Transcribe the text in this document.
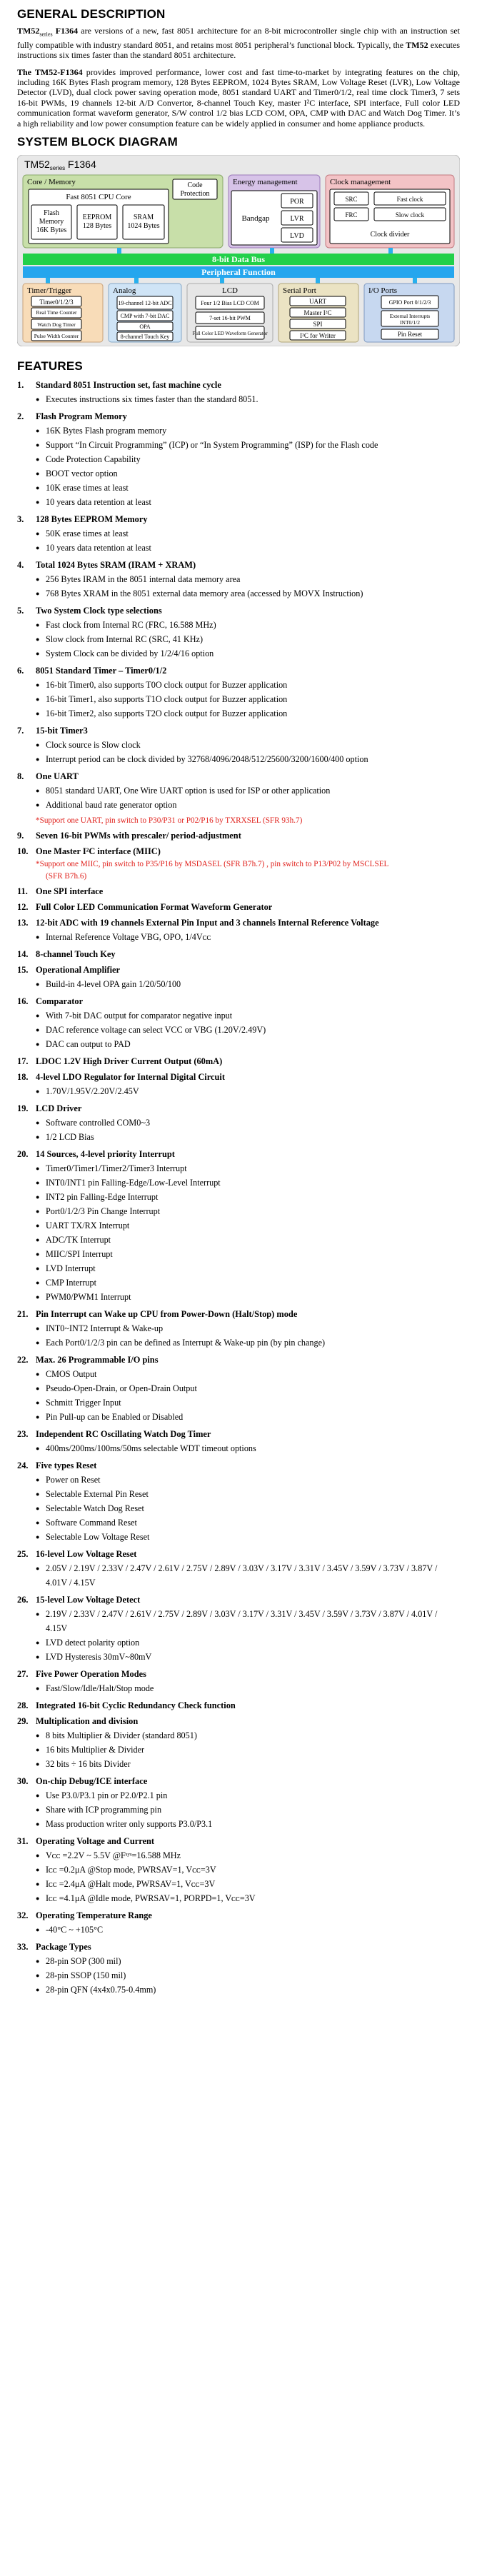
GENERAL DESCRIPTION

$TM52_{series}$ F1364 are versions of a new, fast 8051 architecture for an 8-bit microcontroller single chip with an instruction set fully compatible with industry standard 8051, and retains most 8051 peripheral’s functional block. Typically, the TM52 executes instructions six times faster than the standard 8051 architecture.

The TM52-F1364 provides improved performance, lower cost and fast time-to-market by integrating features on the chip, including 16K Bytes Flash program memory, 128 Bytes EEPROM, 1024 Bytes SRAM, Low Voltage Reset (LVR), Low Voltage Detector (LVD), dual clock power saving operation mode, 8051 standard UART and Timer0/1/2, real time clock Timer3, 7 sets 16-bit PWMs, 19 channels 12-bit A/D Convertor, 8-channel Touch Key, master I²C interface, SPI interface, Full color LED communication format waveform generator, S/W control 1/2 bias LCD COM, OPA, CMP with DAC and Watch Dog Timer. It’s a high reliability and low power consumption feature can be widely applied in consumer and home appliance products.

SYSTEM BLOCK DIAGRAM
$TM52_{series}$ F1364
Core / Memory	Code
Protection
Fast 8051 CPU Core
Flash
Memory
16K Bytes
EEPROM
128 Bytes
SRAM
1024 Bytes
Energy management
Bandgap
POR
LVR
LVD
Clock management
SRC	Fast clock
FRC	Slow clock
Clock divider
8-bit Data Bus
Peripheral Function
Timer/Trigger
Timer0/1/2/3
Real Time Counter
Watch Dog Timer
Pulse Width Counter
Analog
19-channel 12-bit ADC
CMP with 7-bit DAC
OPA
8-channel Touch Key
LCD
Four 1/2 Bias LCD COM
7-set 16-bit PWM
Full Color LED Waveform Generator
Serial Port
UART
Master I²C
SPI
I²C for Writer
I/O Ports
GPIO Port 0/1/2/3
External Interrupts
INT0/1/2
Pin Reset
FEATURES
1. Standard 8051 Instruction set, fast machine cycle
● Executes instructions six times faster than the standard 8051.
2. Flash Program Memory
● 16K Bytes Flash program memory
● Support “In Circuit Programming” (ICP) or “In System Programming” (ISP) for the Flash code
● Code Protection Capability
● BOOT vector option
● 10K erase times at least
● 10 years data retention at least
3. 128 Bytes EEPROM Memory
● 50K erase times at least
● 10 years data retention at least
4. Total 1024 Bytes SRAM (IRAM + XRAM)
● 256 Bytes IRAM in the 8051 internal data memory area
● 768 Bytes XRAM in the 8051 external data memory area (accessed by MOVX Instruction)
5. Two System Clock type selections
● Fast clock from Internal RC (FRC, 16.588 MHz)
● Slow clock from Internal RC (SRC, 41 KHz)
● System Clock can be divided by 1/2/4/16 option
6. 8051 Standard Timer – Timer0/1/2
● 16-bit Timer0, also supports T0O clock output for Buzzer application
● 16-bit Timer1, also supports T1O clock output for Buzzer application
● 16-bit Timer2, also supports T2O clock output for Buzzer application
7. 15-bit Timer3
● Clock source is Slow clock
● Interrupt period can be clock divided by 32768/4096/2048/512/25600/3200/1600/400 option
8. One UART
● 8051 standard UART, One Wire UART option is used for ISP or other application
● Additional baud rate generator option
*Support one UART, pin switch to P30/P31 or P02/P16 by TXRXSEL (SFR 93h.7)
9. Seven 16-bit PWMs with prescaler/ period-adjustment
10. One Master I²C interface (MIIC)
*Support one MIIC, pin switch to P35/P16 by MSDASEL (SFR B7h.7) , pin switch to P13/P02 by MSCLSEL

(SFR B7h.6)
11. One SPI interface
12. Full Color LED Communication Format Waveform Generator
13. 12-bit ADC with 19 channels External Pin Input and 3 channels Internal Reference Voltage
● Internal Reference Voltage VBG, OPO, 1/4Vᴄᴄ
14. 8-channel Touch Key
15. Operational Amplifier
● Build-in 4-level OPA gain 1/20/50/100
16. Comparator
● With 7-bit DAC output for comparator negative input
● DAC reference voltage can select VCC or VBG (1.20V/2.49V)
● DAC can output to PAD
17. LDOC 1.2V High Driver Current Output (60mA)
18. 4-level LDO Regulator for Internal Digital Circuit
● 1.70V/1.95V/2.20V/2.45V
19. LCD Driver
● Software controlled COM0~3
● 1/2 LCD Bias
20. 14 Sources, 4-level priority Interrupt
● Timer0/Timer1/Timer2/Timer3 Interrupt
● INT0/INT1 pin Falling-Edge/Low-Level Interrupt
● INT2 pin Falling-Edge Interrupt
● Port0/1/2/3 Pin Change Interrupt
● UART TX/RX Interrupt
● ADC/TK Interrupt
● MIIC/SPI Interrupt
● LVD Interrupt
● CMP Interrupt
● PWM0/PWM1 Interrupt
21. Pin Interrupt can Wake up CPU from Power-Down (Halt/Stop) mode
● INT0~INT2 Interrupt & Wake-up
● Each Port0/1/2/3 pin can be defined as Interrupt & Wake-up pin (by pin change)
22. Max. 26 Programmable I/O pins
● CMOS Output
● Pseudo-Open-Drain, or Open-Drain Output
● Schmitt Trigger Input
● Pin Pull-up can be Enabled or Disabled
23. Independent RC Oscillating Watch Dog Timer
● 400ms/200ms/100ms/50ms selectable WDT timeout options
24. Five types Reset
● Power on Reset
● Selectable External Pin Reset
● Selectable Watch Dog Reset
● Software Command Reset
● Selectable Low Voltage Reset
25. 16-level Low Voltage Reset
● 2.05V / 2.19V / 2.33V / 2.47V / 2.61V / 2.75V / 2.89V / 3.03V / 3.17V / 3.31V / 3.45V / 3.59V / 3.73V / 3.87V / 4.01V / 4.15V
26. 15-level Low Voltage Detect
● 2.19V / 2.33V / 2.47V / 2.61V / 2.75V / 2.89V / 3.03V / 3.17V / 3.31V / 3.45V / 3.59V / 3.73V / 3.87V / 4.01V / 4.15V
● LVD detect polarity option
● LVD Hysteresis 30mV~80mV
27. Five Power Operation Modes
● Fast/Slow/Idle/Halt/Stop mode
28. Integrated 16-bit Cyclic Redundancy Check function
29. Multiplication and division
● 8 bits Multiplier & Divider (standard 8051)
● 16 bits Multiplier & Divider
● 32 bits ÷ 16 bits Divider
30. On-chip Debug/ICE interface
● Use P3.0/P3.1 pin or P2.0/P2.1 pin
● Share with ICP programming pin
● Mass production writer only supports P3.0/P3.1
31. Operating Voltage and Current
● Vᴄᴄ =2.2V ~ 5.5V @Fˢʸˢ=16.588 MHz
● Iᴄᴄ =0.2μA @Stop mode, PWRSAV=1, Vᴄᴄ=3V
● Iᴄᴄ =2.4μA @Halt mode, PWRSAV=1, Vᴄᴄ=3V
● Iᴄᴄ =4.1μA @Idle mode, PWRSAV=1, PORPD=1, Vᴄᴄ=3V
32. Operating Temperature Range
● -40°C ~ +105°C
33. Package Types
● 28-pin SOP (300 mil)
● 28-pin SSOP (150 mil)
● 28-pin QFN (4x4x0.75-0.4mm)
